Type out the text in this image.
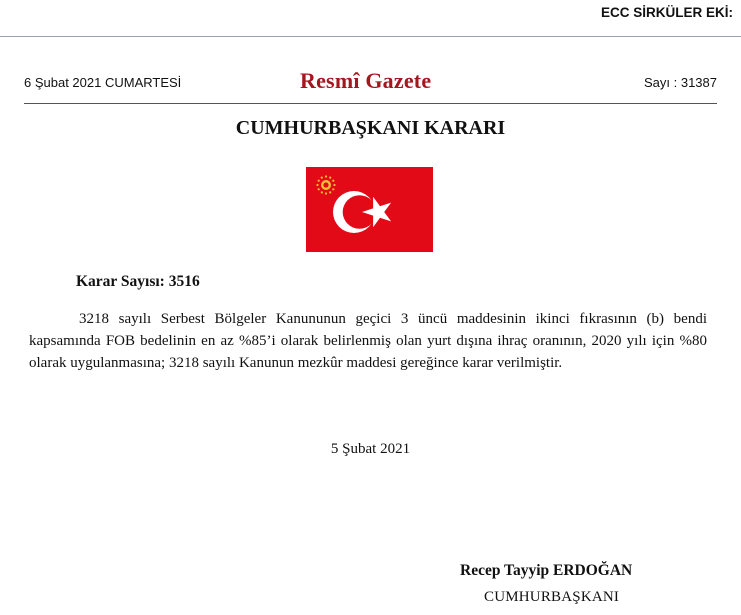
ECC SİRKÜLER EKİ:
6 Şubat 2021 CUMARTESİ	Resmî Gazete	Sayı : 31387
CUMHURBAŞKANI KARARI
Karar Sayısı: 3516

3218 sayılı Serbest Bölgeler Kanununun geçici 3 üncü maddesinin ikinci fıkrasının (b) bendi kapsamında FOB bedelinin en az %85’i olarak belirlenmiş olan yurt dışına ihraç oranının, 2020 yılı için %80 olarak uygulanmasına; 3218 sayılı Kanunun mezkûr maddesi gereğince karar verilmiştir.

5 Şubat 2021
Recep Tayyip ERDOĞAN
CUMHURBAŞKANI
